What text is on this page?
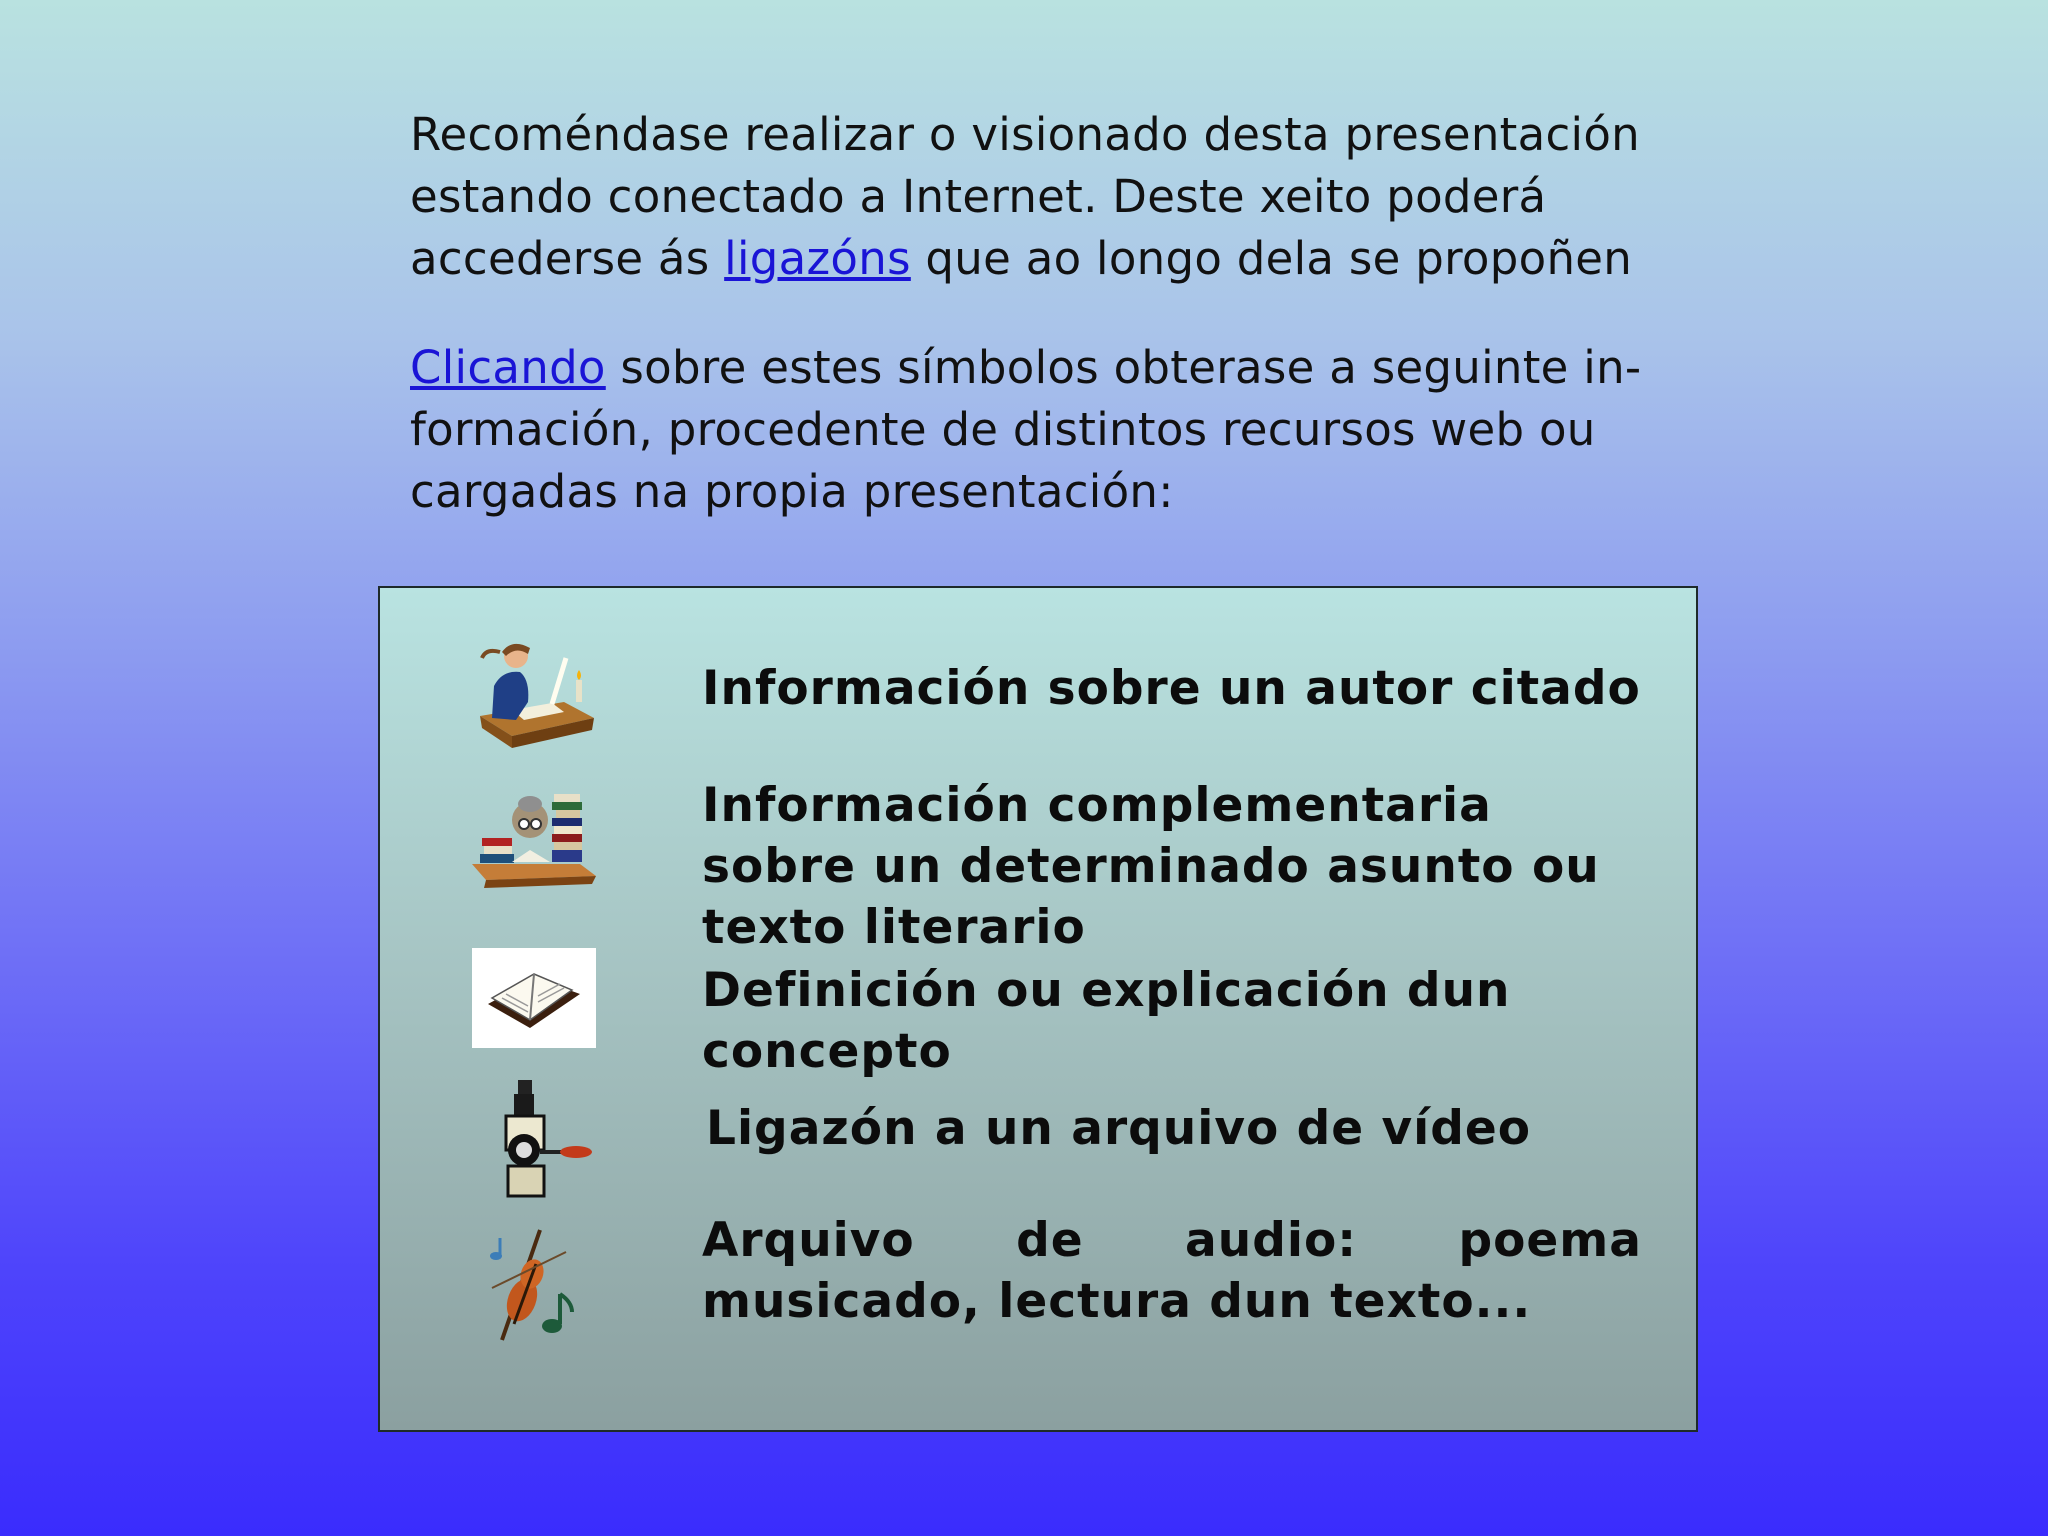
Recoméndase realizar o visionado desta presentación estando conectado a Internet. Deste xeito poderá accederse ás ligazóns que ao longo dela se propoñen

Clicando sobre estes símbolos obterase a seguinte in-formación, procedente de distintos recursos web ou cargadas na propia presentación:

Información sobre un autor citado
Información complementaria sobre un determinado asunto ou texto literario
Definición ou explicación dun concepto
Ligazón a un arquivo de vídeo
Arquivo de audio: poema musicado, lectura dun texto...
